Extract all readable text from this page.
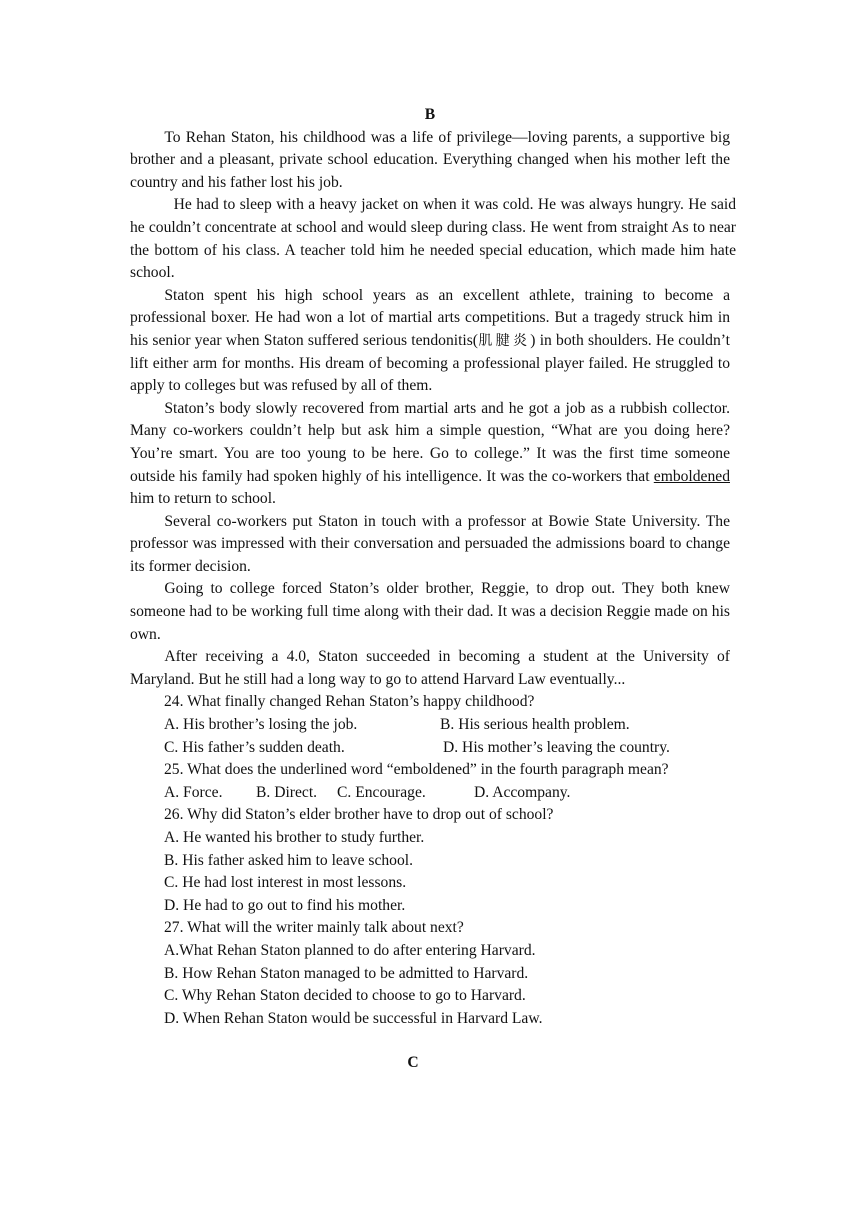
B

To Rehan Staton, his childhood was a life of privilege―loving parents, a supportive big brother and a pleasant, private school education. Everything changed when his mother left the country and his father lost his job.

He had to sleep with a heavy jacket on when it was cold. He was always hungry. He said he couldn’t concentrate at school and would sleep during class. He went from straight As to near the bottom of his class. A teacher told him he needed special education, which made him hate school.

Staton spent his high school years as an excellent athlete, training to become a professional boxer. He had won a lot of martial arts competitions. But a tragedy struck him in his senior year when Staton suffered serious tendonitis(肌腱炎) in both shoulders. He couldn’t lift either arm for months. His dream of becoming a professional player failed. He struggled to apply to colleges but was refused by all of them.

Staton’s body slowly recovered from martial arts and he got a job as a rubbish collector. Many co-workers couldn’t help but ask him a simple question, “What are you doing here? You’re smart. You are too young to be here. Go to college.” It was the first time someone outside his family had spoken highly of his intelligence. It was the co-workers that emboldened him to return to school.

Several co-workers put Staton in touch with a professor at Bowie State University. The professor was impressed with their conversation and persuaded the admissions board to change its former decision.

Going to college forced Staton’s older brother, Reggie, to drop out. They both knew someone had to be working full time along with their dad. It was a decision Reggie made on his own.

After receiving a 4.0, Staton succeeded in becoming a student at the University of Maryland. But he still had a long way to go to attend Harvard Law eventually...

24. What finally changed Rehan Staton’s happy childhood?
A. His brother’s losing the job.	B. His serious health problem.
C. His father’s sudden death.	D. His mother’s leaving the country.
25. What does the underlined word “emboldened” in the fourth paragraph mean?
A. Force. B. Direct. C. Encourage.	D. Accompany.
26. Why did Staton’s elder brother have to drop out of school?
A. He wanted his brother to study further.
B. His father asked him to leave school.
C. He had lost interest in most lessons.
D. He had to go out to find his mother.
27. What will the writer mainly talk about next?
A.What Rehan Staton planned to do after entering Harvard.
B. How Rehan Staton managed to be admitted to Harvard.
C. Why Rehan Staton decided to choose to go to Harvard.
D. When Rehan Staton would be successful in Harvard Law.
C
